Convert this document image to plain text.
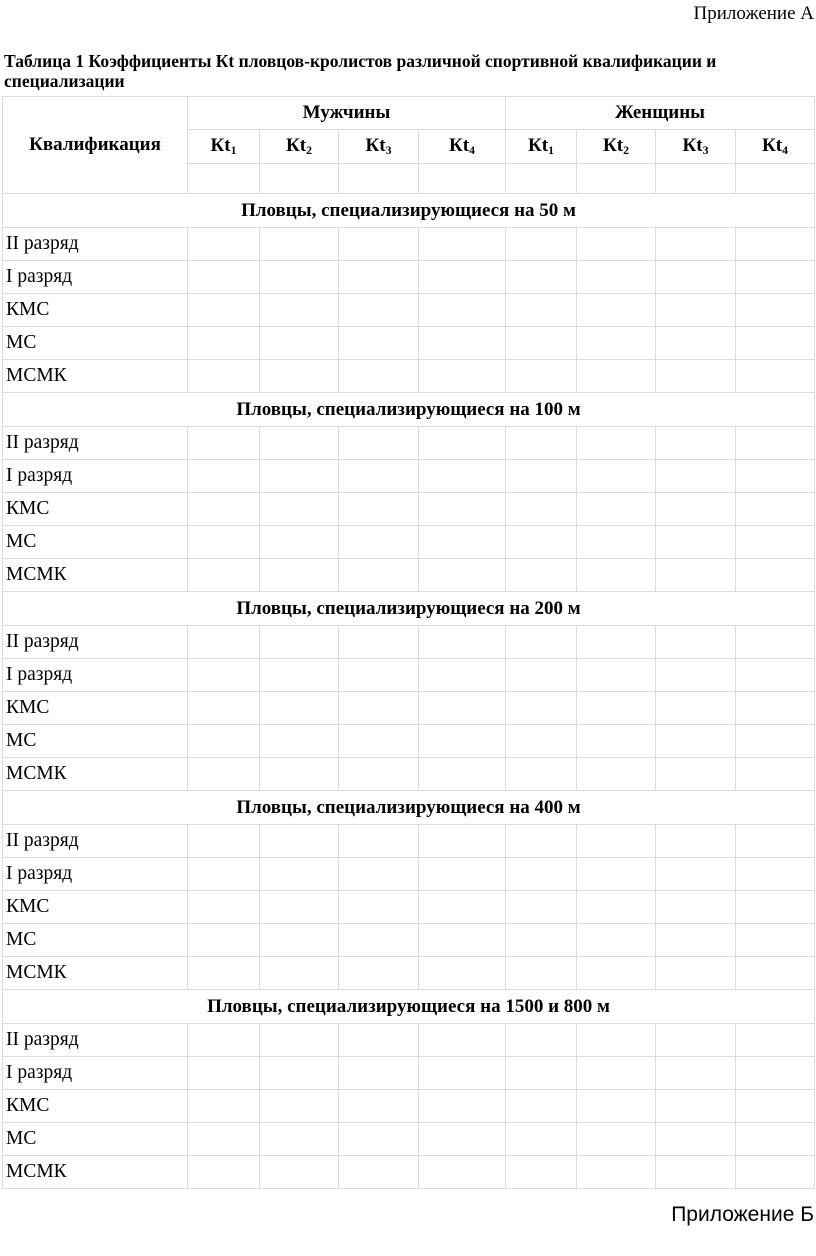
Приложение А
Таблица 1 Коэффициенты Кt пловцов-кролистов различной спортивной квалификации и специализации
Квалификация	Мужчины				Женщины			
	$Кt_1$	$Кt_2$	$Кt_3$	$Кt_4$	$Кt_1$	$Кt_2$	$Кt_3$	$Кt_4$

Пловцы, специализирующиеся на 50 м								
II разряд								
I разряд								
КМС								
МС								
МСМК								
Пловцы, специализирующиеся на 100 м								
II разряд								
I разряд								
КМС								
МС								
МСМК								
Пловцы, специализирующиеся на 200 м								
II разряд								
I разряд								
КМС								
МС								
МСМК								
Пловцы, специализирующиеся на 400 м								
II разряд								
I разряд								
КМС								
МС								
МСМК								
Пловцы, специализирующиеся на 1500 и 800 м								
II разряд								
I разряд								
КМС								
МС								
МСМК								
Приложение Б
